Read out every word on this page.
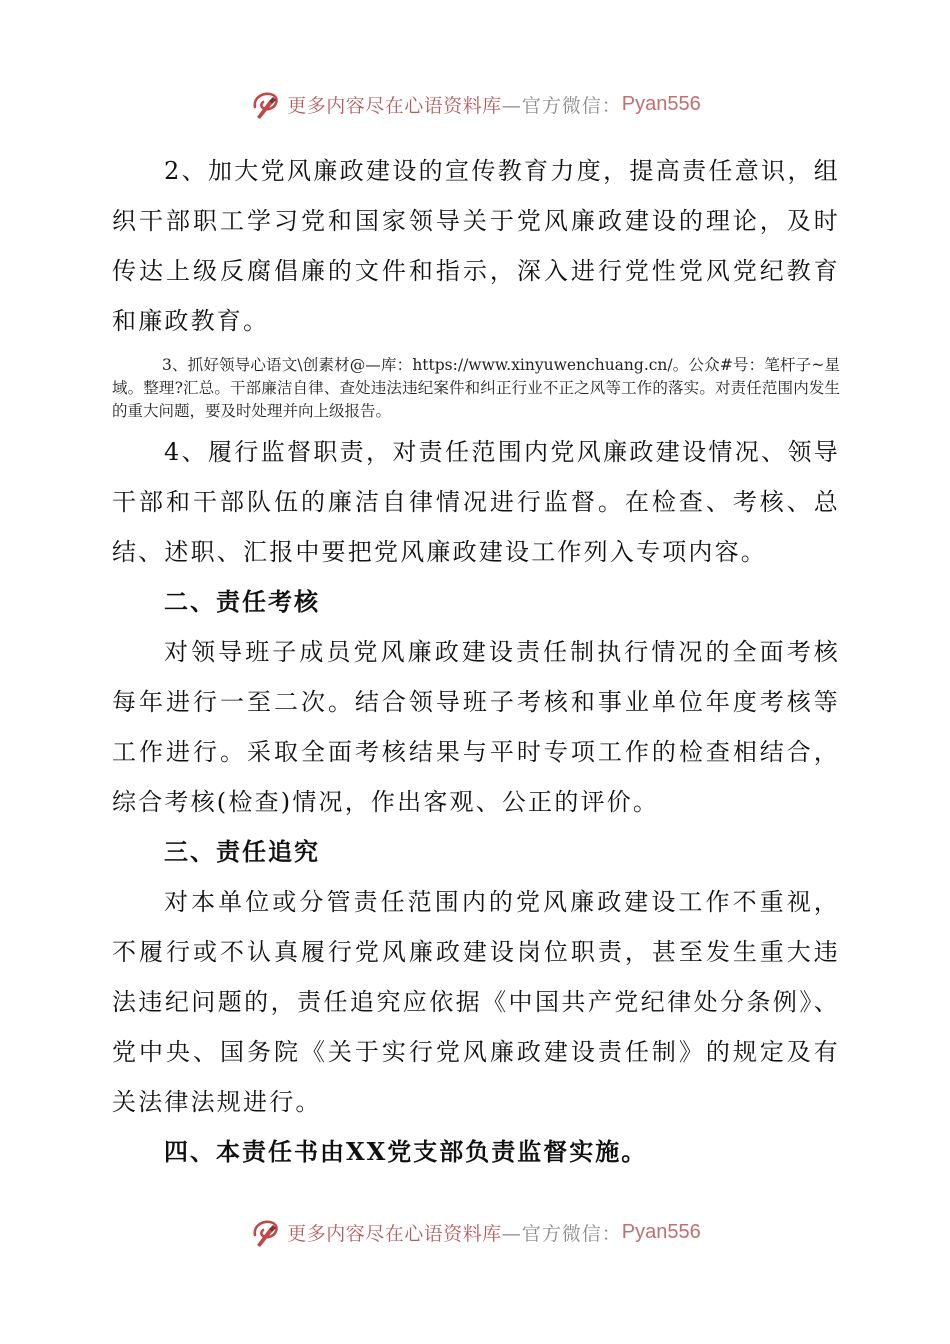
更多内容尽在心语资料库 —官方微信： Pyan556

2、加大党风廉政建设的宣传教育力度，提高责任意识，组织干部职工学习党和国家领导关于党风廉政建设的理论，及时传达上级反腐倡廉的文件和指示，深入进行党性党风党纪教育和廉政教育。

3、抓好领导心语文\创素材@—库：https://www.xinyuwenchuang.cn/。公众#号：笔杆子~星域。整理?汇总。干部廉洁自律、查处违法违纪案件和纠正行业不正之风等工作的落实。对责任范围内发生的重大问题，要及时处理并向上级报告。

4、履行监督职责，对责任范围内党风廉政建设情况、领导干部和干部队伍的廉洁自律情况进行监督。在检查、考核、总结、述职、汇报中要把党风廉政建设工作列入专项内容。

二、责任考核

对领导班子成员党风廉政建设责任制执行情况的全面考核每年进行一至二次。结合领导班子考核和事业单位年度考核等工作进行。采取全面考核结果与平时专项工作的检查相结合，综合考核(检查)情况，作出客观、公正的评价。

三、责任追究

对本单位或分管责任范围内的党风廉政建设工作不重视，不履行或不认真履行党风廉政建设岗位职责，甚至发生重大违法违纪问题的，责任追究应依据《中国共产党纪律处分条例》、党中央、国务院《关于实行党风廉政建设责任制》的规定及有关法律法规进行。

四、本责任书由XX党支部负责监督实施。

更多内容尽在心语资料库 —官方微信： Pyan556
